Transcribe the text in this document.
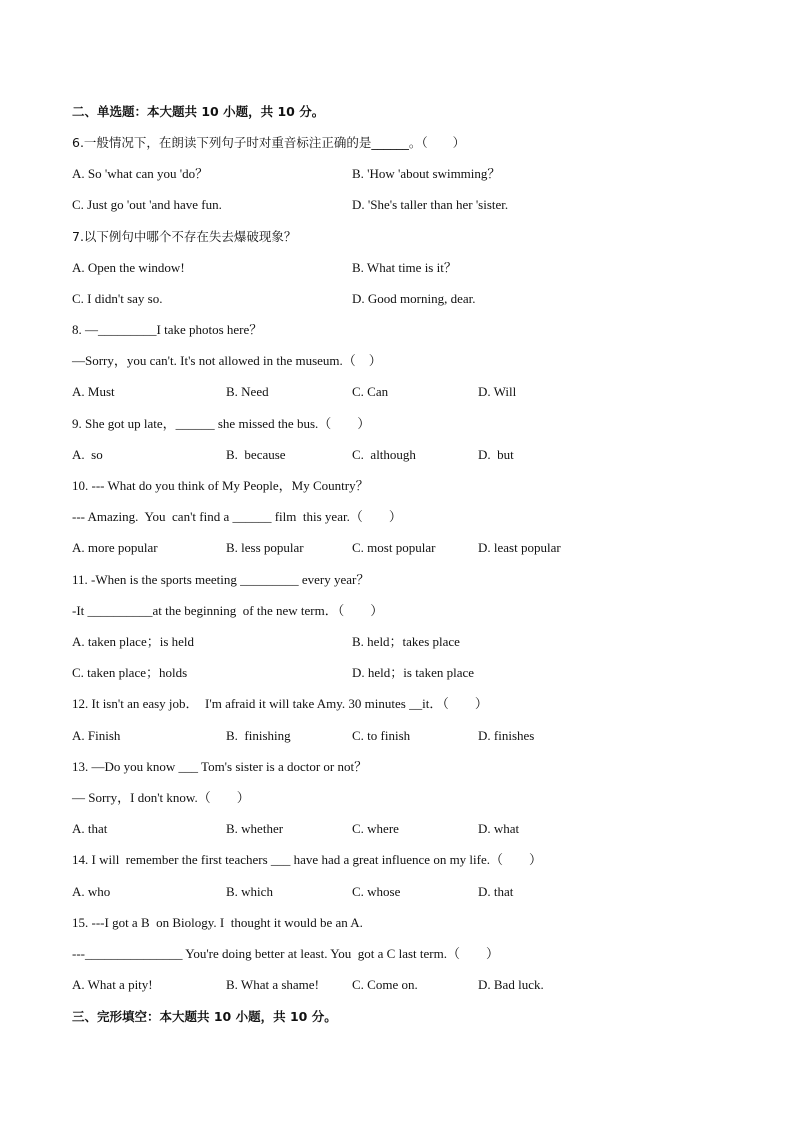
二、单选题：本大题共 10 小题，共 10 分。
6.一般情况下，在朗读下列句子时对重音标注正确的是______。（　　）
A. So 'what can you 'do？	B. 'How 'about swimming？
C. Just go 'out 'and have fun.	D. 'She's taller than her 'sister.
7.以下例句中哪个不存在失去爆破现象？
A. Open the window!	B. What time is it？
C. I didn't say so.	D. Good morning, dear.
8. —_________I take photos here？
—Sorry，you can't. It's not allowed in the museum.（　）
A. Must	B. Need	C. Can	D. Will
9. She got up late，______ she missed the bus.（　　）
A.  so	B.  because	C.  although	D.  but
10. --- What do you think of My People，My Country？
--- Amazing.  You  can't find a ______ film  this year.（　　）
A. more popular	B. less popular	C. most popular	D. least popular
11. -When is the sports meeting _________ every year？
-It __________at the beginning  of the new term．（　　）
A. taken place；is held	B. held；takes place
C. taken place；holds	D. held；is taken place
12. It isn't an easy job．  I'm afraid it will take Amy. 30 minutes __it．（　　）
A. Finish	B.  finishing	C. to finish	D. finishes
13. —Do you know ___ Tom's sister is a doctor or not？
— Sorry，I don't know.（　　）
A. that	B. whether	C. where	D. what
14. I will  remember the first teachers ___ have had a great influence on my life.（　　）
A. who	B. which	C. whose	D. that
15. ---I got a B  on Biology. I  thought it would be an A.
---_______________ You're doing better at least. You  got a C last term.（　　）
A. What a pity!	B. What a shame!	C. Come on.	D. Bad luck.
三、完形填空：本大题共 10 小题，共 10 分。
